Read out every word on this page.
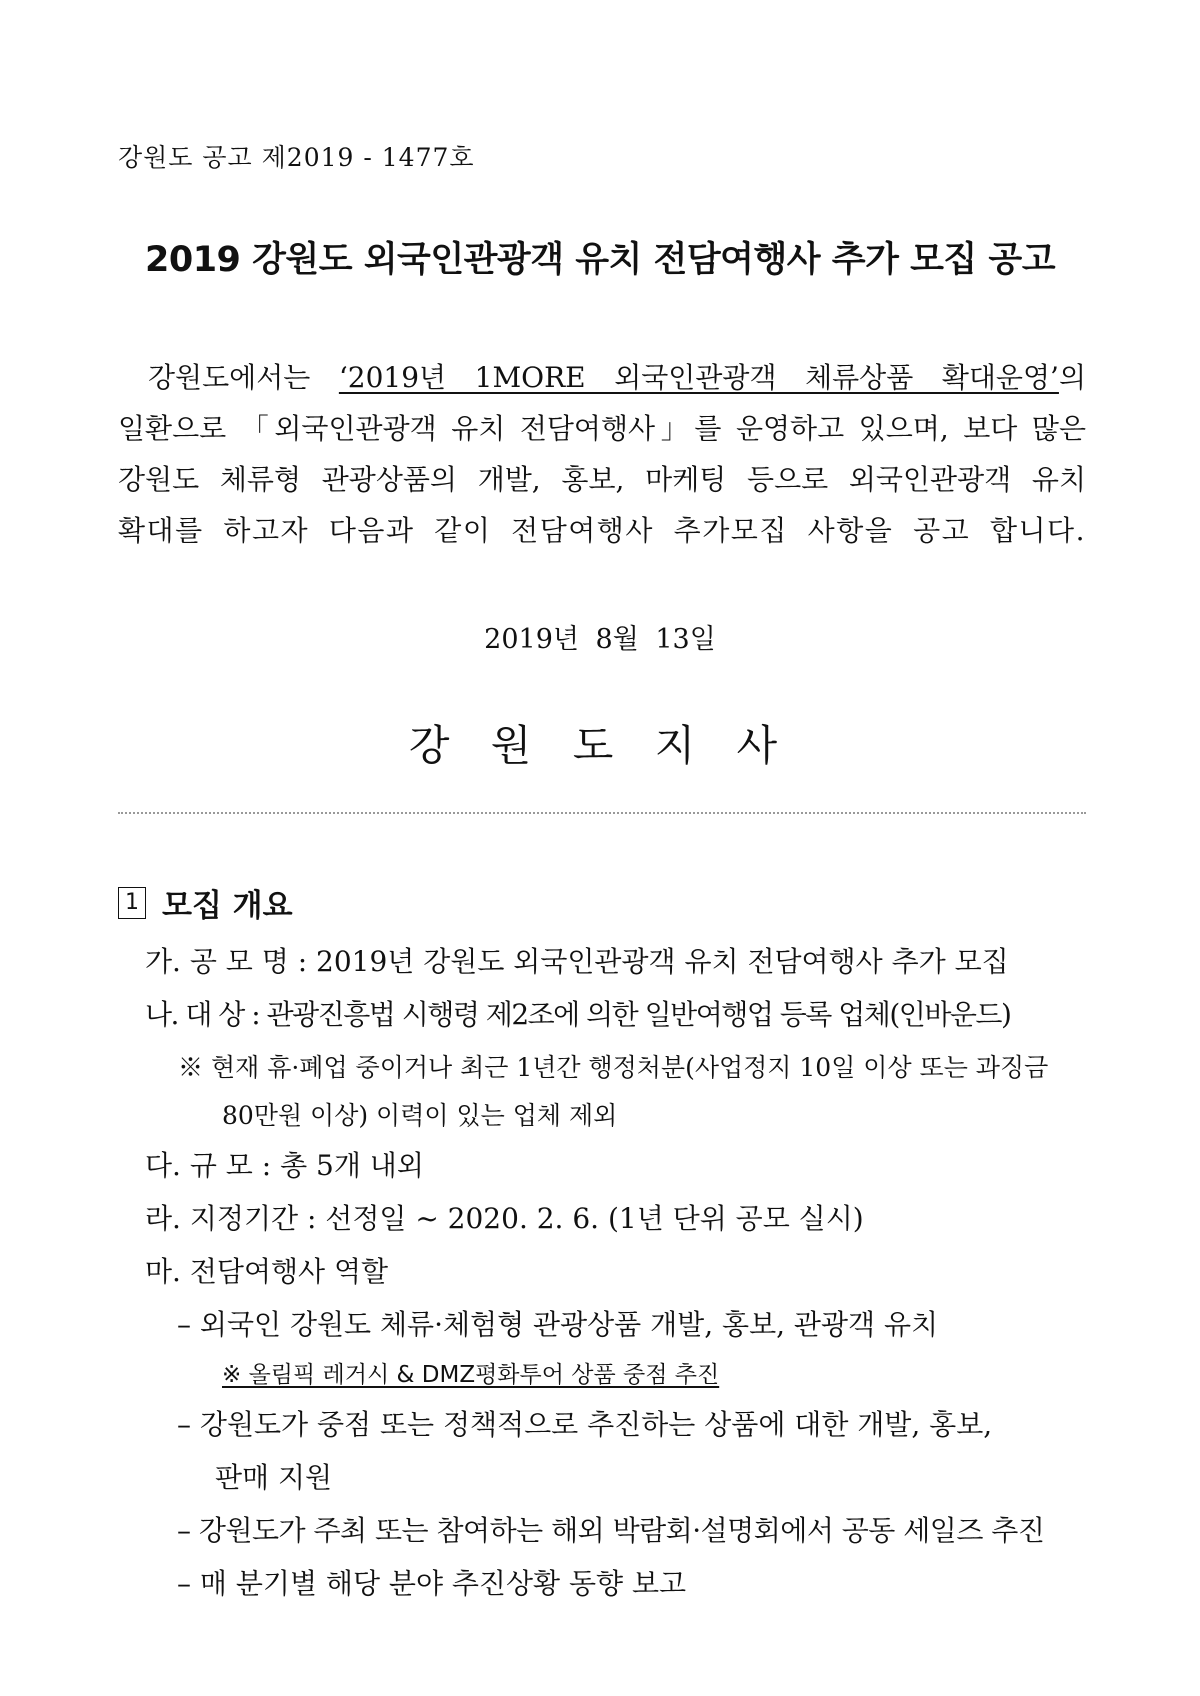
강원도 공고 제2019 - 1477호
2019 강원도 외국인관광객 유치 전담여행사 추가 모집 공고
강원도에서는 ‘2019년 1MORE 외국인관광객 체류상품 확대운영’의
일환으로 「외국인관광객 유치 전담여행사」를 운영하고 있으며, 보다 많은
강원도 체류형 관광상품의 개발, 홍보, 마케팅 등으로 외국인관광객 유치
확대를 하고자 다음과 같이 전담여행사 추가모집 사항을 공고 합니다.
2019년 8월 13일
강 원 도 지 사
1 모집 개요
가. 공 모 명 : 2019년 강원도 외국인관광객 유치 전담여행사 추가 모집
나. 대 상 : 관광진흥법 시행령 제2조에 의한 일반여행업 등록 업체(인바운드)
※ 현재 휴·폐업 중이거나 최근 1년간 행정처분(사업정지 10일 이상 또는 과징금
80만원 이상) 이력이 있는 업체 제외
다. 규 모 : 총 5개 내외
라. 지정기간 : 선정일 ~ 2020. 2. 6. (1년 단위 공모 실시)
마. 전담여행사 역할
– 외국인 강원도 체류·체험형 관광상품 개발, 홍보, 관광객 유치
※ 올림픽 레거시 & DMZ평화투어 상품 중점 추진
– 강원도가 중점 또는 정책적으로 추진하는 상품에 대한 개발, 홍보,
판매 지원
– 강원도가 주최 또는 참여하는 해외 박람회·설명회에서 공동 세일즈 추진
– 매 분기별 해당 분야 추진상황 동향 보고
